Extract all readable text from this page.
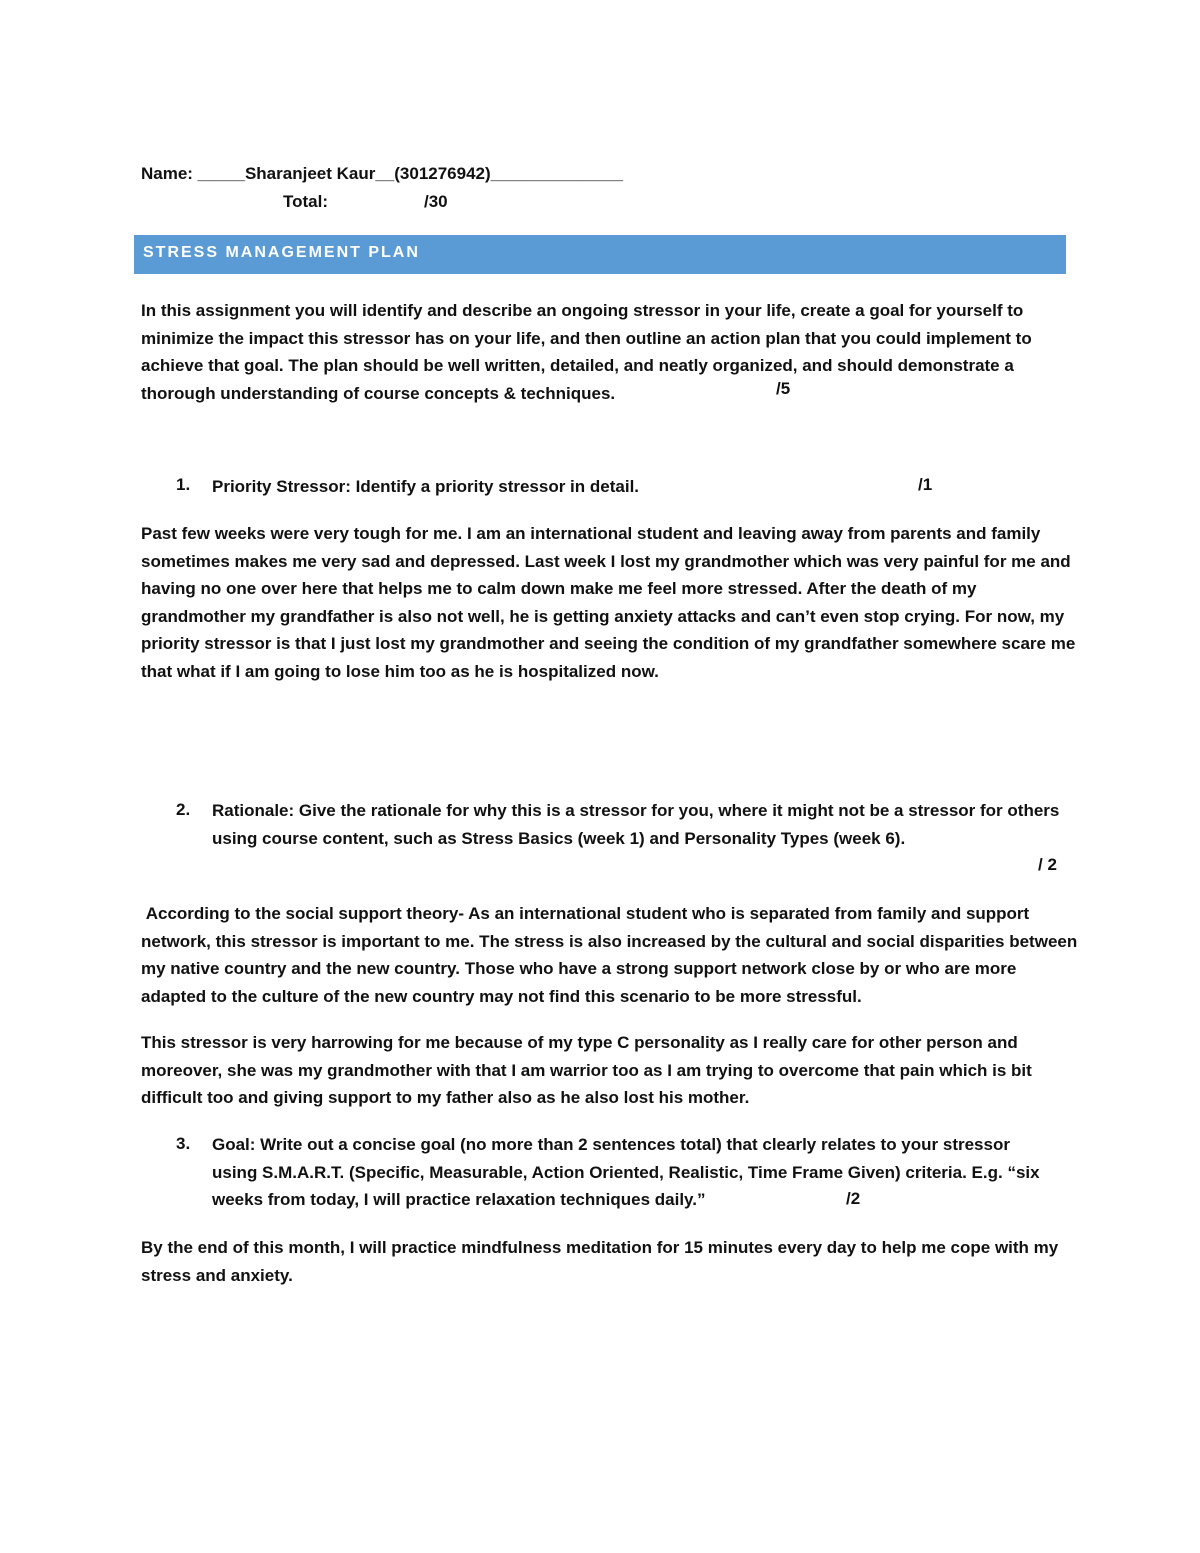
Name: _____Sharanjeet Kaur__(301276942)______________
Total:	/30
STRESS MANAGEMENT PLAN
In this assignment you will identify and describe an ongoing stressor in your life, create a goal for yourself to minimize the impact this stressor has on your life, and then outline an action plan that you could implement to achieve that goal. The plan should be well written, detailed, and neatly organized, and should demonstrate a thorough understanding of course concepts & techniques.	/5
1. Priority Stressor: Identify a priority stressor in detail.	/1
Past few weeks were very tough for me. I am an international student and leaving away from parents and family sometimes makes me very sad and depressed. Last week I lost my grandmother which was very painful for me and having no one over here that helps me to calm down make me feel more stressed. After the death of my grandmother my grandfather is also not well, he is getting anxiety attacks and can’t even stop crying. For now, my priority stressor is that I just lost my grandmother and seeing the condition of my grandfather somewhere scare me that what if I am going to lose him too as he is hospitalized now.
2. Rationale: Give the rationale for why this is a stressor for you, where it might not be a stressor for others using course content, such as Stress Basics (week 1) and Personality Types (week 6).
/ 2
According to the social support theory- As an international student who is separated from family and support network, this stressor is important to me. The stress is also increased by the cultural and social disparities between my native country and the new country. Those who have a strong support network close by or who are more adapted to the culture of the new country may not find this scenario to be more stressful.
This stressor is very harrowing for me because of my type C personality as I really care for other person and moreover, she was my grandmother with that I am warrior too as I am trying to overcome that pain which is bit difficult too and giving support to my father also as he also lost his mother.
3. Goal: Write out a concise goal (no more than 2 sentences total) that clearly relates to your stressor using S.M.A.R.T. (Specific, Measurable, Action Oriented, Realistic, Time Frame Given) criteria. E.g. “six weeks from today, I will practice relaxation techniques daily.”	/2
By the end of this month, I will practice mindfulness meditation for 15 minutes every day to help me cope with my stress and anxiety.
